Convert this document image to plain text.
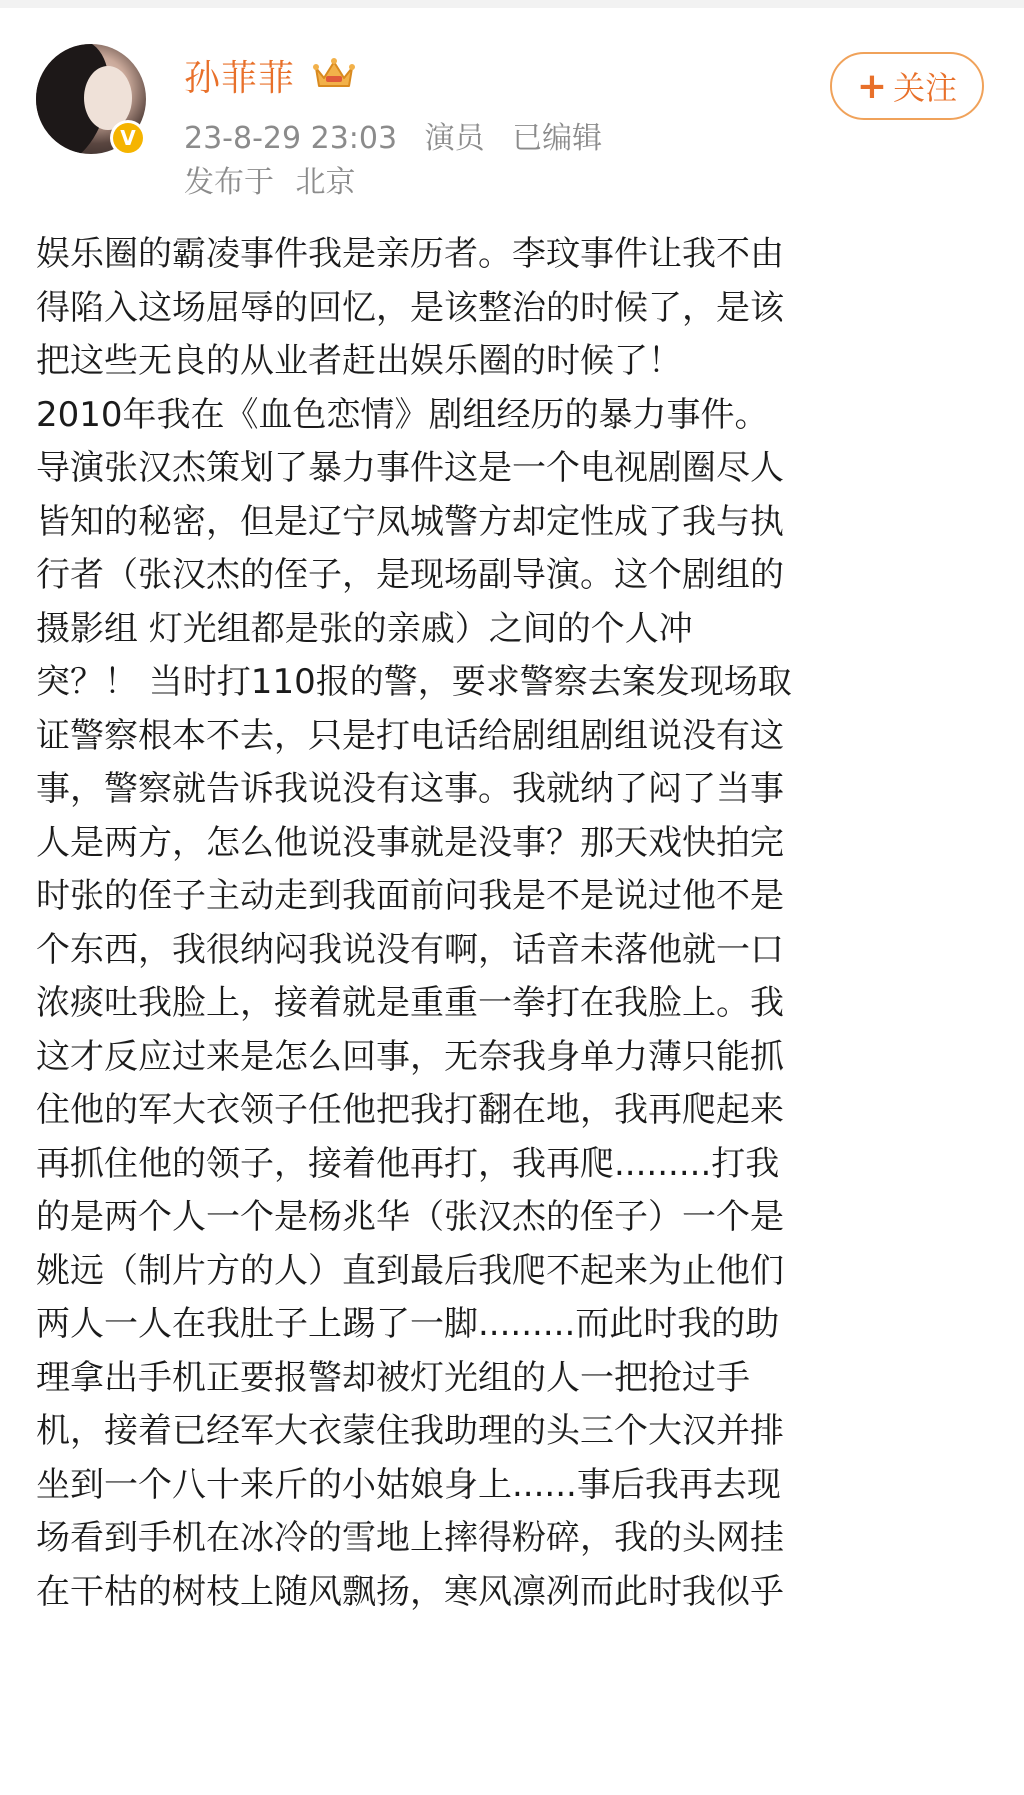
V
孙菲菲
23-8-29 23:03 演员 已编辑
发布于 北京
+ 关注
娱乐圈的霸凌事件我是亲历者。李玟事件让我不由
得陷入这场屈辱的回忆，是该整治的时候了，是该
把这些无良的从业者赶出娱乐圈的时候了！
2010年我在《血色恋情》剧组经历的暴力事件。
导演张汉杰策划了暴力事件这是一个电视剧圈尽人
皆知的秘密，但是辽宁凤城警方却定性成了我与执
行者（张汉杰的侄子，是现场副导演。这个剧组的
摄影组 灯光组都是张的亲戚）之间的个人冲
突？！ 当时打110报的警，要求警察去案发现场取
证警察根本不去，只是打电话给剧组剧组说没有这
事，警察就告诉我说没有这事。我就纳了闷了当事
人是两方，怎么他说没事就是没事？那天戏快拍完
时张的侄子主动走到我面前问我是不是说过他不是
个东西，我很纳闷我说没有啊，话音未落他就一口
浓痰吐我脸上，接着就是重重一拳打在我脸上。我
这才反应过来是怎么回事，无奈我身单力薄只能抓
住他的军大衣领子任他把我打翻在地，我再爬起来
再抓住他的领子，接着他再打，我再爬.........打我
的是两个人一个是杨兆华（张汉杰的侄子）一个是
姚远（制片方的人）直到最后我爬不起来为止他们
两人一人在我肚子上踢了一脚.........而此时我的助
理拿出手机正要报警却被灯光组的人一把抢过手
机，接着已经军大衣蒙住我助理的头三个大汉并排
坐到一个八十来斤的小姑娘身上......事后我再去现
场看到手机在冰冷的雪地上摔得粉碎，我的头网挂
在干枯的树枝上随风飘扬，寒风凛冽而此时我似乎
